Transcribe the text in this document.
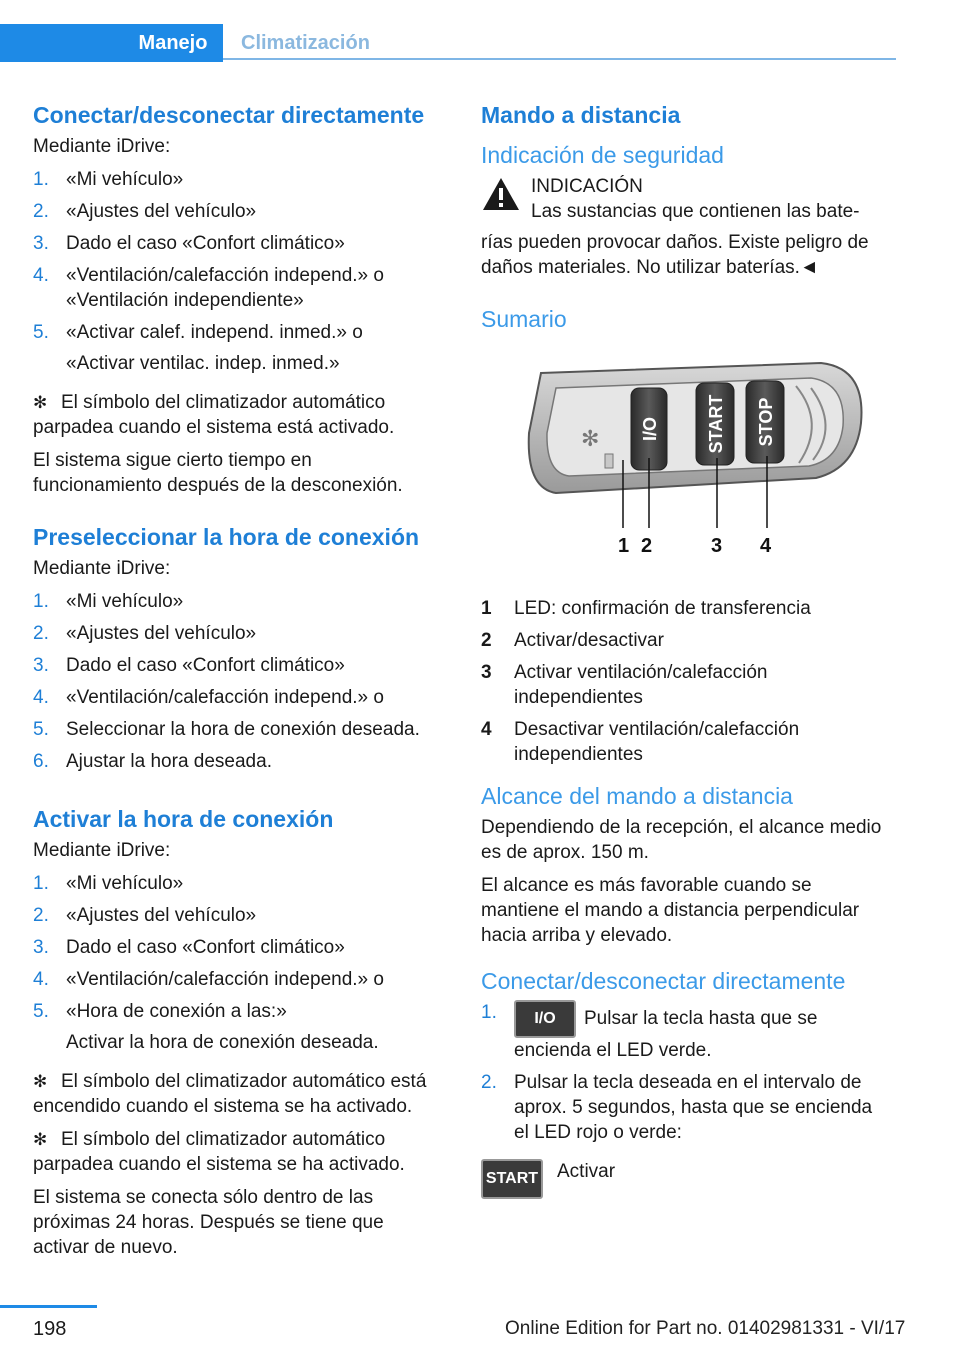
Manejo	Climatización
Conectar/desconectar directamente
Mediante iDrive:
1. «Mi vehículo»
2. «Ajustes del vehículo»
3. Dado el caso «Confort climático»
4. «Ventilación/calefacción independ.» o «Ventilación independiente»
5. «Activar calef. independ. inmed.» o
«Activar ventilac. indep. inmed.»
✻ El símbolo del climatizador automático parpadea cuando el sistema está activado.
El sistema sigue cierto tiempo en funcionamiento después de la desconexión.
Preseleccionar la hora de conexión
Mediante iDrive:
1. «Mi vehículo»
2. «Ajustes del vehículo»
3. Dado el caso «Confort climático»
4. «Ventilación/calefacción independ.» o
5. Seleccionar la hora de conexión deseada.
6. Ajustar la hora deseada.
Activar la hora de conexión
Mediante iDrive:
1. «Mi vehículo»
2. «Ajustes del vehículo»
3. Dado el caso «Confort climático»
4. «Ventilación/calefacción independ.» o
5. «Hora de conexión a las:»
Activar la hora de conexión deseada.
✻ El símbolo del climatizador automático está encendido cuando el sistema se ha activado.
✻ El símbolo del climatizador automático parpadea cuando el sistema se ha activado.
El sistema se conecta sólo dentro de las próximas 24 horas. Después se tiene que activar de nuevo.
Mando a distancia
Indicación de seguridad
INDICACIÓN
Las sustancias que contienen las bate-
rías pueden provocar daños. Existe peligro de daños materiales. No utilizar baterías.◄
Sumario
✻ I/O	START STOP
1 2	3 4
1	LED: confirmación de transferencia
2	Activar/desactivar
3	Activar ventilación/calefacción independientes
4	Desactivar ventilación/calefacción independientes
Alcance del mando a distancia
Dependiendo de la recepción, el alcance medio es de aprox. 150 m.
El alcance es más favorable cuando se mantiene el mando a distancia perpendicular hacia arriba y elevado.
Conectar/desconectar directamente
1.	I/O Pulsar la tecla hasta que se encienda el LED verde.
2. Pulsar la tecla deseada en el intervalo de aprox. 5 segundos, hasta que se encienda el LED rojo o verde:
START Activar
198	Online Edition for Part no. 01402981331 - VI/17
